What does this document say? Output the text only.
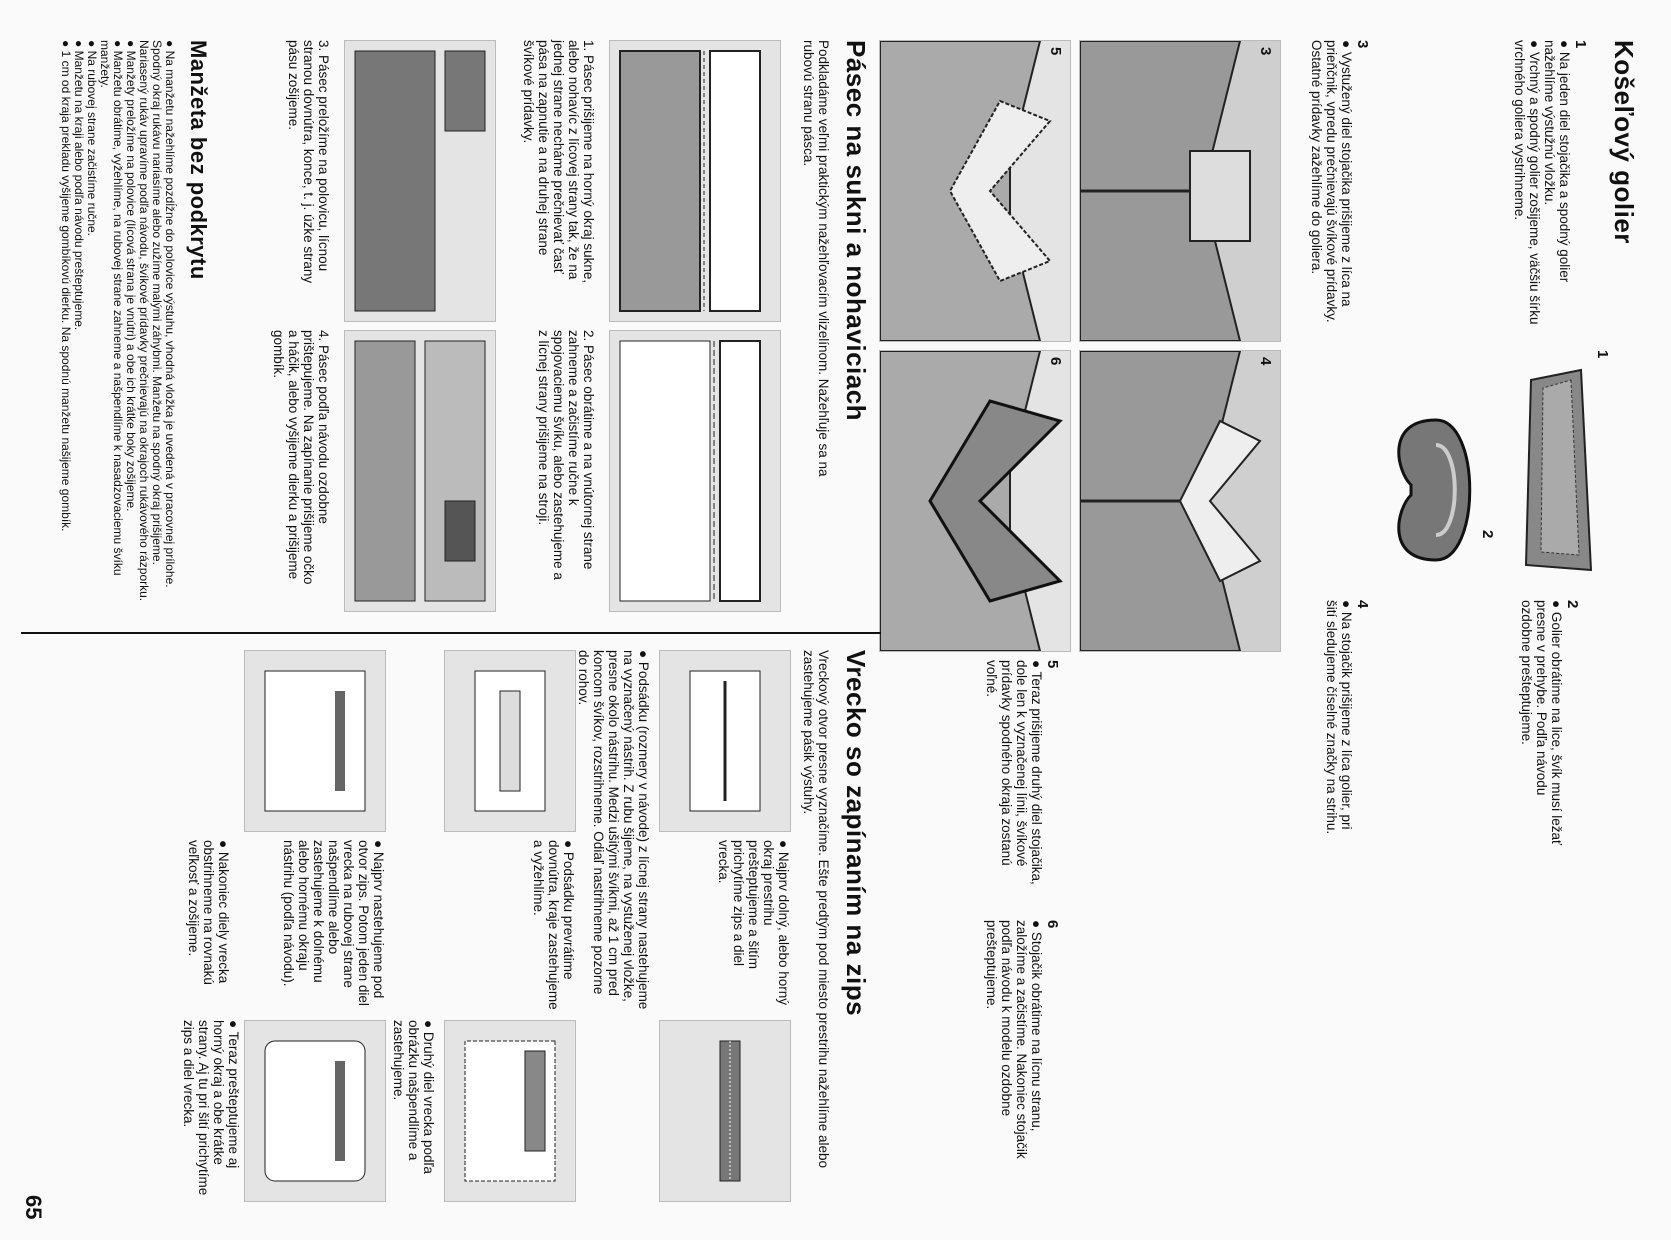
Košeľový golier
1

● Na jeden diel stojačika a spodný golier nažehlíme výstužnú vložku.

● Vrchný a spodný golier zošijeme, väčšiu šírku vrchného goliera vystrihneme.

1
2

● Golier obrátime na lice, švík musí ležať presne v prehybe. Podľa návodu ozdobne prešteptujeme.

2
3

● Vystužený diel stojačika prišijeme z líca na prieňčnik, vpredu prečnievajú švíkové prídavky. Ostatné prídavky zažehlíme do goliera.

4

● Na stojačik prišijeme z líca golier, pri šití sledujeme číselné značky na strihu.

3
4
5
6
5

● Teraz prišijeme druhý diel stojačika, dole len k vyznačenej línii, švíkové prídavky spodného okraja zostanú voľné.

6

● Stojačik obrátime na lícnu stranu, založíme a začistíme. Nakoniec stojačik podľa návodu k modelu ozdobne prešteptujeme.

Pásec na sukni a nohaviciach

Podkladáme veľmi praktickým nažehľovacím vlizelínom. Nažehľuje sa na rubovú stranu pásca.

1. Pásec prišijeme na horný okraj sukne, alebo nohavíc z lícovej strany tak, že na jednej strane necháme prečnievať časť pása na zapnutie a na druhej strane švíkové prídavky.

2. Pásec obrátime a na vnútornej strane zahneme a začistíme ručne k spojovaciemu švíku, alebo zastehujeme a z lícnej strany prišijeme na stroji.

3. Pásec preložíme na polovicu, lícnou stranou dovnútra, konce, t. j. úzke strany pásu zošijeme.

4. Pásec podľa návodu ozdobne prištepujeme. Na zapínanie prišijeme očko a háčik, alebo vyšijeme dierku a prišijeme gombík.

Vrecko so zapínaním na zips

Vreckový otvor presne vyznačíme. Ešte predtým pod miesto prestrihu nažehlíme alebo zastehujeme pásik výstuhy.

● Najprv dolný, alebo horný okraj prestrihu prešteptujeme a šitím prichytíme zips a diel vrecka.

● Podsádku (rozmery v návode) z lícnej strany nastehujeme na vyznačený nástrih. Z rubu šijeme, na vystuženej vložke, presne okolo nástrihu. Medzi ušitými švíkmi, až 1 cm pred koncom švíkov, rozstrihneme. Odiaľ nastrihneme pozorne do rohov.

● Podsádku prevrátime dovnútra, kraje zastehujeme a vyžehlíme.

● Druhý diel vrecka podľa obrázku našpendlíme a zastehujeme.

● Najprv nastehujeme pod otvor zips. Potom jeden diel vrecka na rubovej strane našpendlíme alebo zastehujeme k dolnému alebo hornému okraju nástrihu (podľa návodu).

● Teraz prešteptujeme aj horný okraj a obe krátke strany. Aj tu pri šití prichytíme zips a diel vrecka.

● Nakoniec diely vrecka obstrihneme na rovnakú veľkosť a zošijeme.

Manžeta bez podkrytu

● Na manžetu nažehlíme pozdĺžne do polovice výstuhu, vhodná vložka je uvedená v pracovnej prílohe. Spodný okraj rukávu nariasíme alebo zužíme malými záhybmi. Manžetu na spodný okraj prišijeme. Nariasený rukáv upravíme podľa návodu, švíkové prídavky prečnievajú na okrajoch rukávového rázporku.

● Manžety preložíme na polovice (lícová strana je vnútri) a obe ich krátke boky zošijeme.

● Manžetu obrátime, vyžehlíme, na rubovej strane zahneme a našpendlíme k nasadzovaciemu švíku manžety.

● Na rubovej strane začistíme ručne.

● Manžetu na kraji alebo podľa návodu prešteptujeme.

● 1 cm od kraja prekladu vyšijeme gombíkovú dierku. Na spodnú manžetu našijeme gombík.

65
